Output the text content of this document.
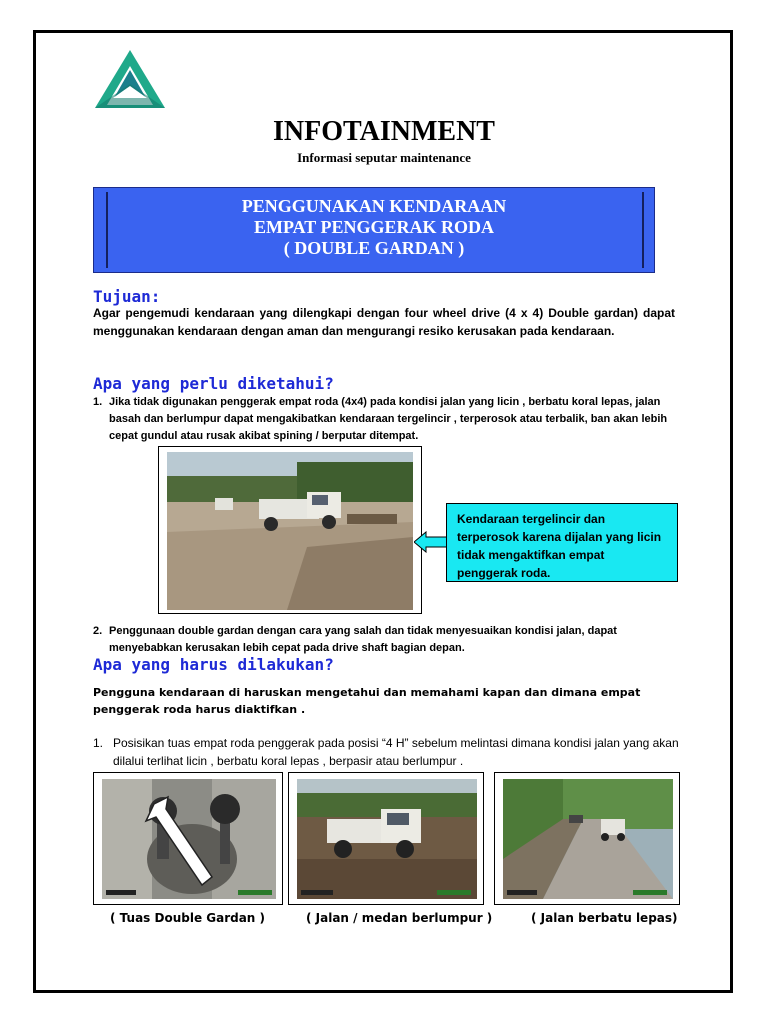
INFOTAINMENT
Informasi seputar maintenance
PENGGUNAKAN KENDARAAN
EMPAT PENGGERAK RODA
( DOUBLE GARDAN )
Tujuan:
Agar pengemudi kendaraan yang dilengkapi dengan four wheel drive (4 x 4) Double gardan) dapat menggunakan kendaraan dengan aman dan mengurangi resiko kerusakan pada kendaraan.
Apa yang perlu diketahui?
1. Jika tidak digunakan penggerak empat roda (4x4) pada kondisi jalan yang licin , berbatu koral lepas, jalan basah dan berlumpur dapat mengakibatkan kendaraan tergelincir , terperosok atau terbalik, ban akan lebih cepat gundul atau rusak akibat spining / berputar ditempat.
Kendaraan tergelincir dan terperosok karena dijalan yang licin tidak mengaktifkan empat penggerak roda.
2. Penggunaan double gardan dengan cara yang salah dan tidak menyesuaikan kondisi jalan, dapat menyebabkan kerusakan lebih cepat pada drive shaft bagian depan.
Apa yang harus dilakukan?
Pengguna kendaraan di haruskan mengetahui dan memahami kapan dan dimana empat penggerak roda harus diaktifkan .
1. Posisikan tuas empat roda penggerak pada posisi “4 H” sebelum melintasi dimana kondisi jalan yang akan dilalui terlihat licin , berbatu koral lepas , berpasir atau berlumpur .
( Tuas Double Gardan )	( Jalan / medan berlumpur )	( Jalan berbatu lepas)
